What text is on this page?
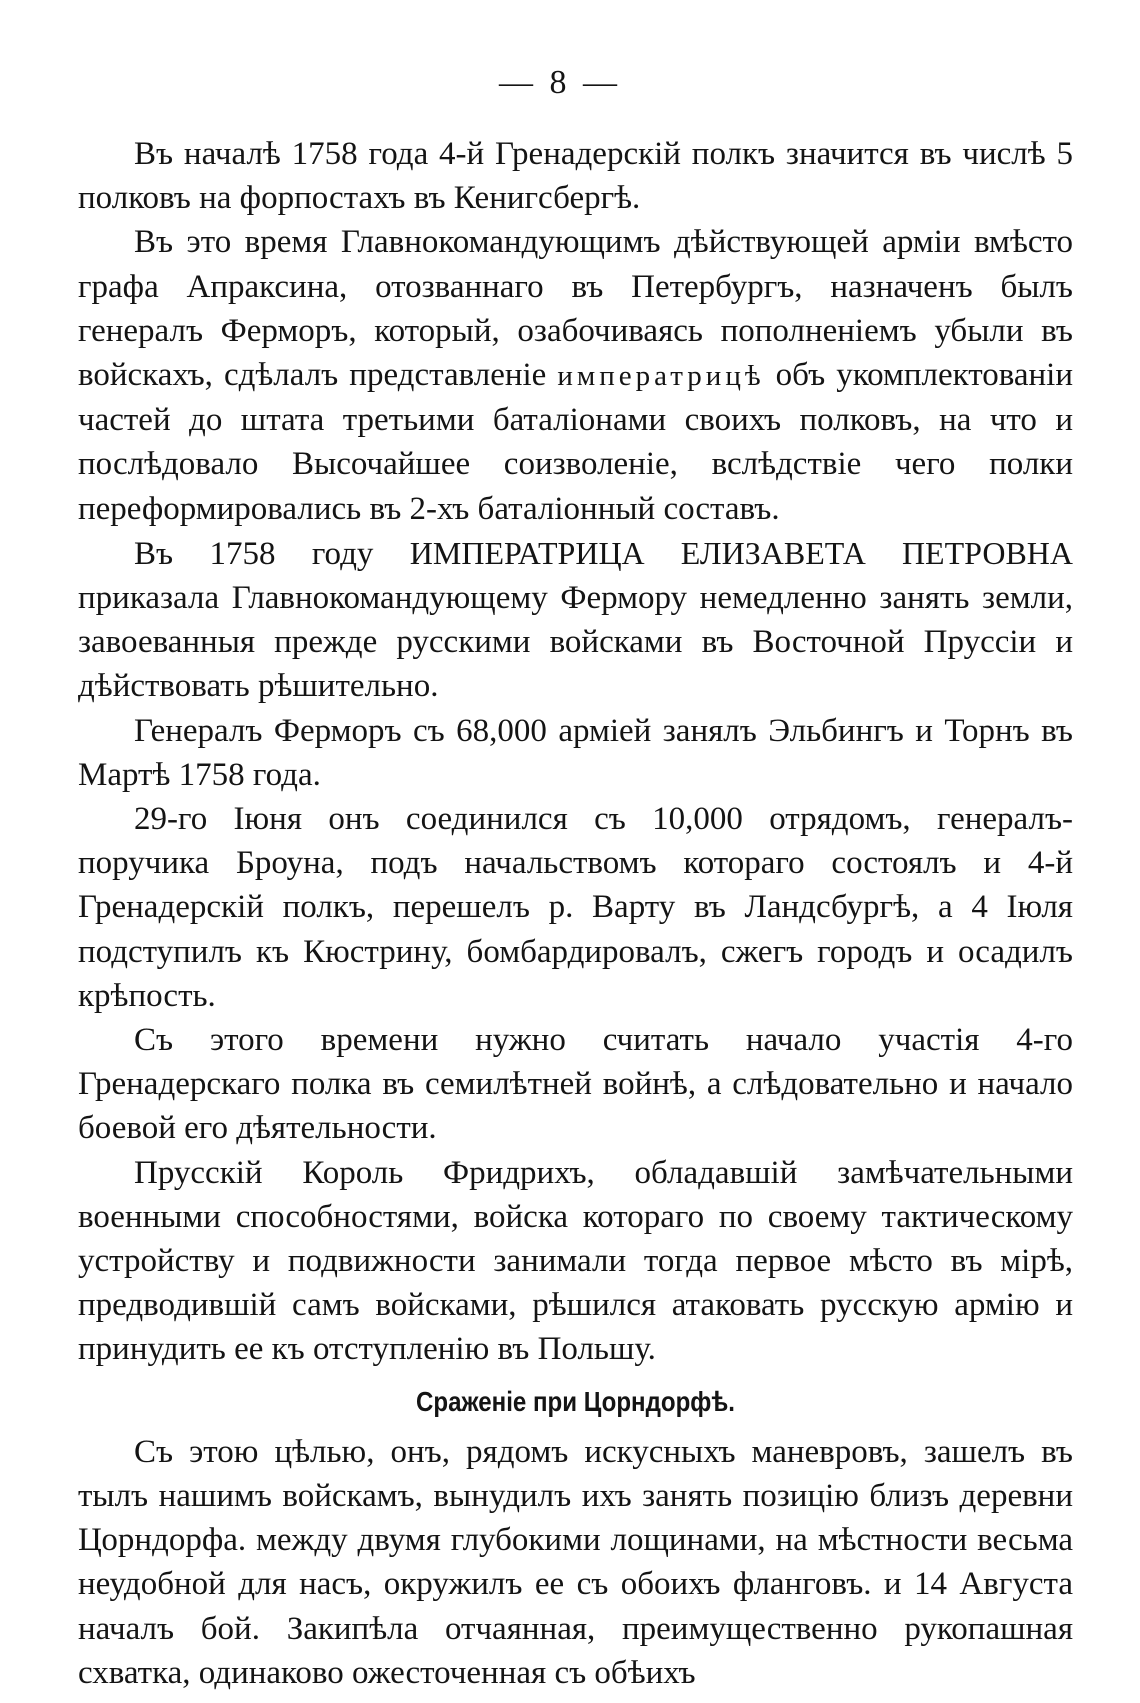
— 8 —

Въ началѣ 1758 года 4-й Гренадерскій полкъ значится въ числѣ 5 полковъ на форпостахъ въ Кенигсбергѣ.

Въ это время Главнокомандующимъ дѣйствующей арміи вмѣсто графа Апраксина, отозваннаго въ Петербургъ, назначенъ былъ генералъ Ферморъ, который, озабочиваясь пополненіемъ убыли въ войскахъ, сдѣлалъ представленіе императрицѣ объ укомплектованіи частей до штата третьими баталіонами своихъ полковъ, на что и послѣдовало Высочайшее соизволеніе, вслѣдствіе чего полки переформировались въ 2-хъ баталіонный составъ.

Въ 1758 году ИМПЕРАТРИЦА ЕЛИЗАВЕТА ПЕТРОВНА приказала Главнокомандующему Фермору немедленно занять земли, завоеванныя прежде русскими войсками въ Восточной Пруссіи и дѣйствовать рѣшительно.

Генералъ Ферморъ съ 68,000 арміей занялъ Эльбингъ и Торнъ въ Мартѣ 1758 года.

29-го Іюня онъ соединился съ 10,000 отрядомъ, генералъ-поручика Броуна, подъ начальствомъ котораго состоялъ и 4-й Гренадерскій полкъ, перешелъ р. Варту въ Ландсбургѣ, а 4 Іюля подступилъ къ Кюстрину, бомбардировалъ, сжегъ городъ и осадилъ крѣпость.

Съ этого времени нужно считать начало участія 4-го Гренадерскаго полка въ семилѣтней войнѣ, а слѣдовательно и начало боевой его дѣятельности.

Прусскій Король Фридрихъ, обладавшій замѣчательными военными способностями, войска котораго по своему тактическому устройству и подвижности занимали тогда первое мѣсто въ мірѣ, предводившій самъ войсками, рѣшился атаковать русскую армію и принудить ее къ отступленію въ Польшу.

Сраженіе при Цорндорфѣ.

Съ этою цѣлью, онъ, рядомъ искусныхъ маневровъ, зашелъ въ тылъ нашимъ войскамъ, вынудилъ ихъ занять позицію близъ деревни Цорндорфа. между двумя глубокими лощинами, на мѣстности весьма неудобной для насъ, окружилъ ее съ обоихъ фланговъ. и 14 Августа началъ бой. Закипѣла отчаянная, преимущественно рукопашная схватка, одинаково ожесточенная съ обѣихъ
